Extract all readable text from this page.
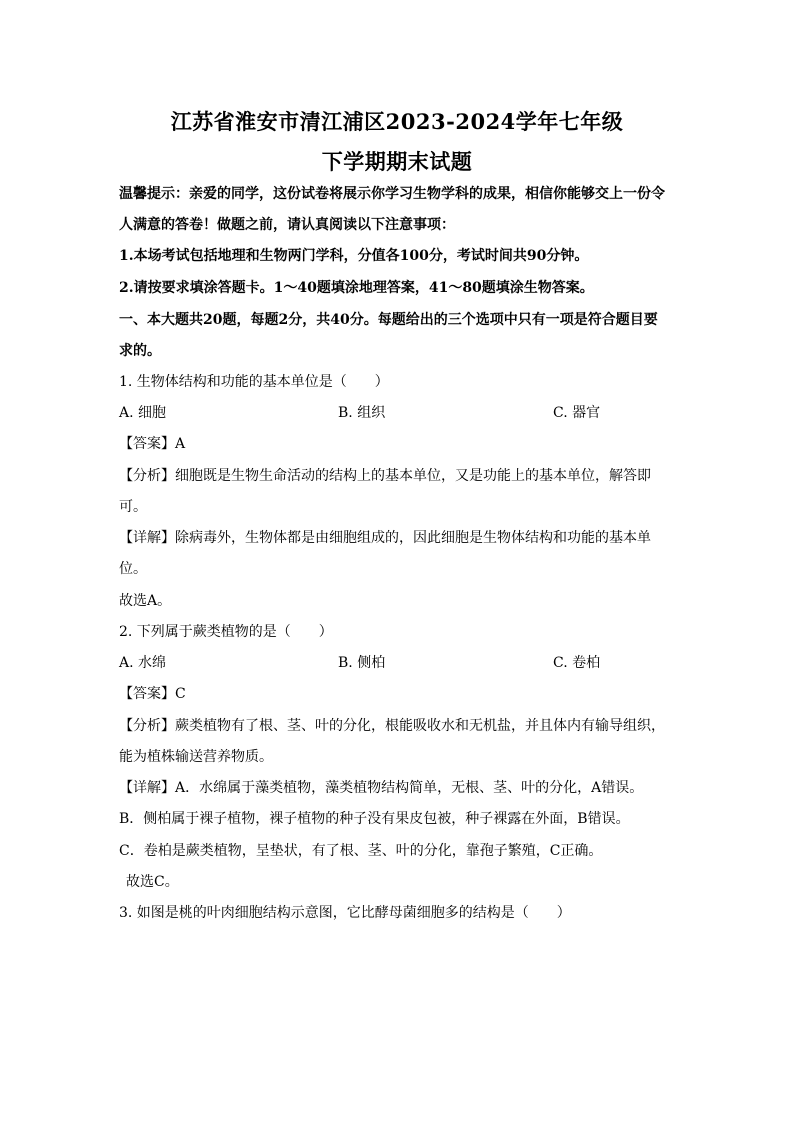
江苏省淮安市清江浦区2023-2024学年七年级
下学期期末试题
温馨提示：亲爱的同学，这份试卷将展示你学习生物学科的成果，相信你能够交上一份令
人满意的答卷！做题之前，请认真阅读以下注意事项：
1.本场考试包括地理和生物两门学科，分值各100分，考试时间共90分钟。
2.请按要求填涂答题卡。1～40题填涂地理答案，41～80题填涂生物答案。
一、本大题共20题，每题2分，共40分。每题给出的三个选项中只有一项是符合题目要
求的。
1. 生物体结构和功能的基本单位是（　　）
A. 细胞	B. 组织	C. 器官
【答案】A
【分析】细胞既是生物生命活动的结构上的基本单位，又是功能上的基本单位，解答即
可。
【详解】除病毒外，生物体都是由细胞组成的，因此细胞是生物体结构和功能的基本单
位。
故选A。
2. 下列属于蕨类植物的是（　　）
A. 水绵	B. 侧柏	C. 卷柏
【答案】C
【分析】蕨类植物有了根、茎、叶的分化，根能吸收水和无机盐，并且体内有输导组织，
能为植株输送营养物质。
【详解】A．水绵属于藻类植物，藻类植物结构简单，无根、茎、叶的分化，A错误。
B．侧柏属于裸子植物，裸子植物的种子没有果皮包被，种子裸露在外面，B错误。
C．卷柏是蕨类植物，呈垫状，有了根、茎、叶的分化，靠孢子繁殖，C正确。
故选C。
3. 如图是桃的叶肉细胞结构示意图，它比酵母菌细胞多的结构是（　　）
